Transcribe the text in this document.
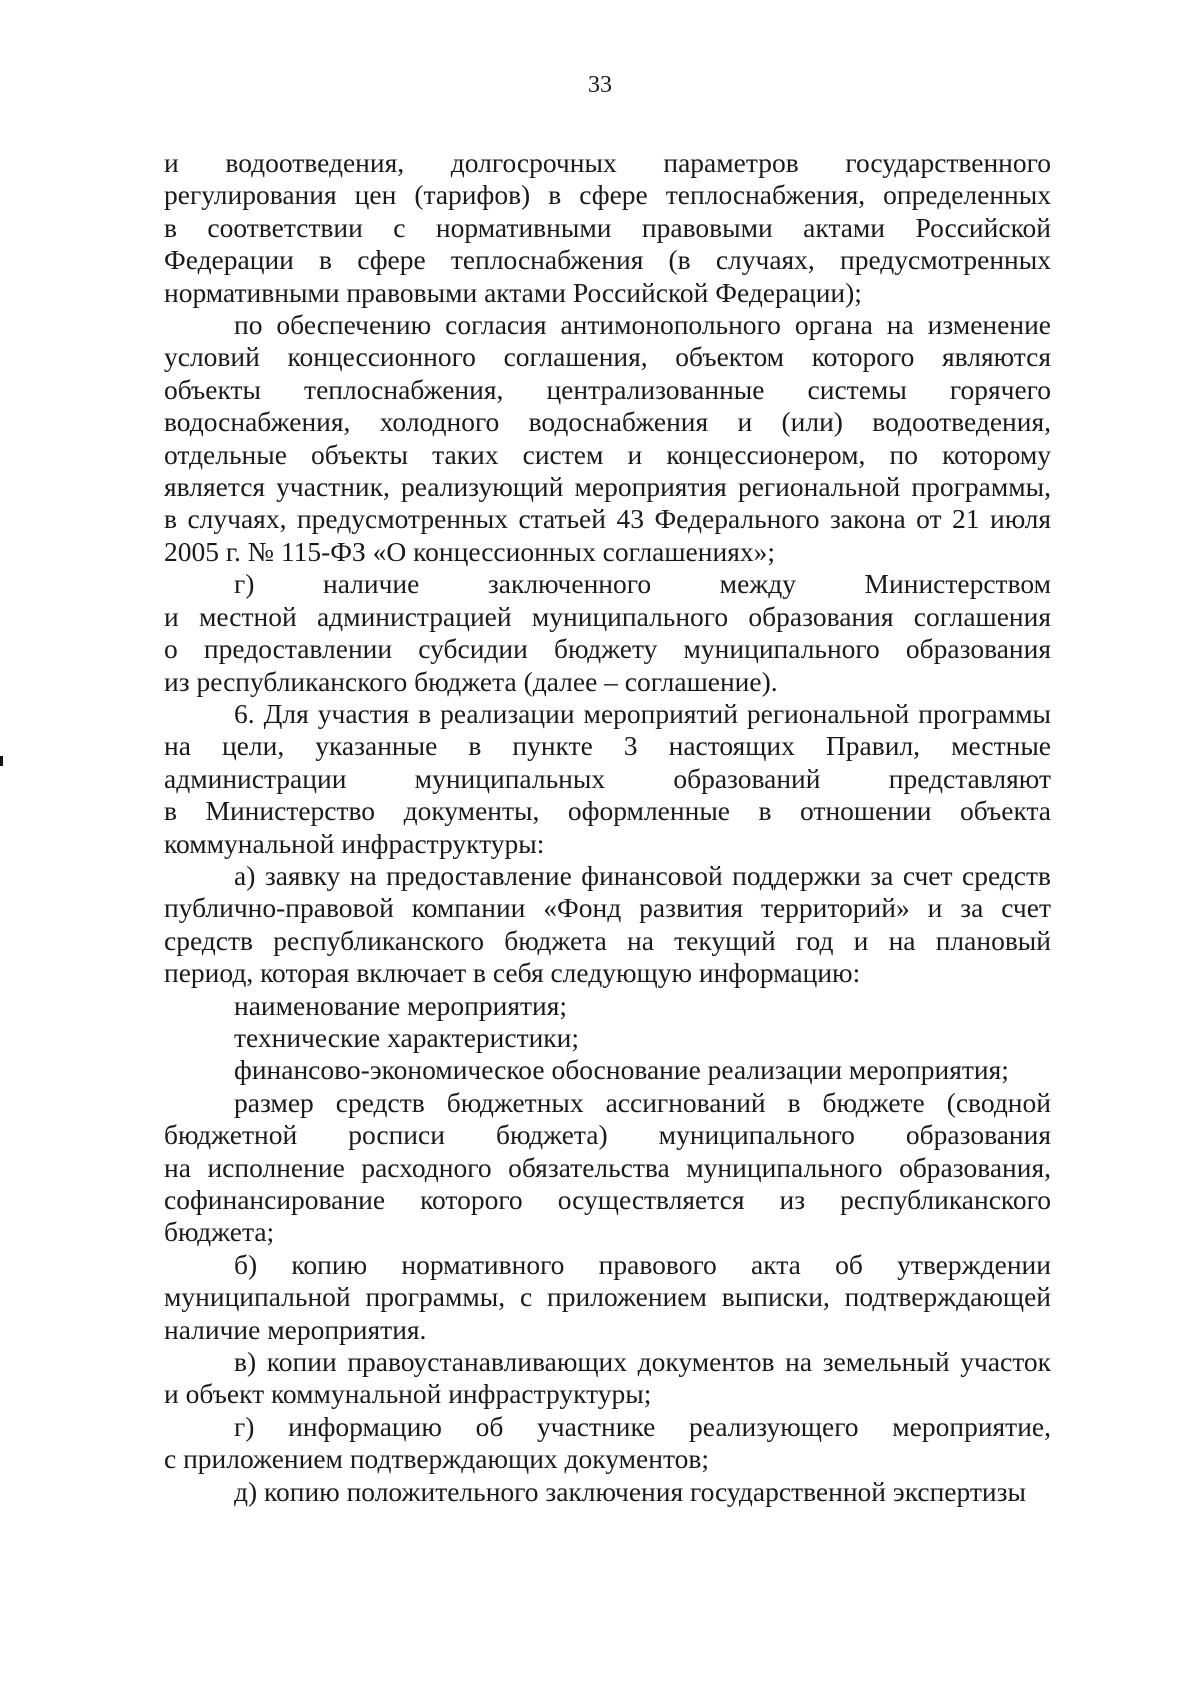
33

и водоотведения, долгосрочных параметров государственного

регулирования цен (тарифов) в сфере теплоснабжения, определенных

в соответствии с нормативными правовыми актами Российской

Федерации в сфере теплоснабжения (в случаях, предусмотренных

нормативными правовыми актами Российской Федерации);

по обеспечению согласия антимонопольного органа на изменение

условий концессионного соглашения, объектом которого являются

объекты теплоснабжения, централизованные системы горячего

водоснабжения, холодного водоснабжения и (или) водоотведения,

отдельные объекты таких систем и концессионером, по которому

является участник, реализующий мероприятия региональной программы,

в случаях, предусмотренных статьей 43 Федерального закона от 21 июля

2005 г. № 115-ФЗ «О концессионных соглашениях»;

г) наличие заключенного между Министерством

и местной администрацией муниципального образования соглашения

о предоставлении субсидии бюджету муниципального образования

из республиканского бюджета (далее – соглашение).

6. Для участия в реализации мероприятий региональной программы

на цели, указанные в пункте 3 настоящих Правил, местные

администрации муниципальных образований представляют

в Министерство документы, оформленные в отношении объекта

коммунальной инфраструктуры:

а) заявку на предоставление финансовой поддержки за счет средств

публично-правовой компании «Фонд развития территорий» и за счет

средств республиканского бюджета на текущий год и на плановый

период, которая включает в себя следующую информацию:

наименование мероприятия;

технические характеристики;

финансово-экономическое обоснование реализации мероприятия;

размер средств бюджетных ассигнований в бюджете (сводной

бюджетной росписи бюджета) муниципального образования

на исполнение расходного обязательства муниципального образования,

софинансирование которого осуществляется из республиканского

бюджета;

б) копию нормативного правового акта об утверждении

муниципальной программы, с приложением выписки, подтверждающей

наличие мероприятия.

в) копии правоустанавливающих документов на земельный участок

и объект коммунальной инфраструктуры;

г) информацию об участнике реализующего мероприятие,

с приложением подтверждающих документов;

д) копию положительного заключения государственной экспертизы
